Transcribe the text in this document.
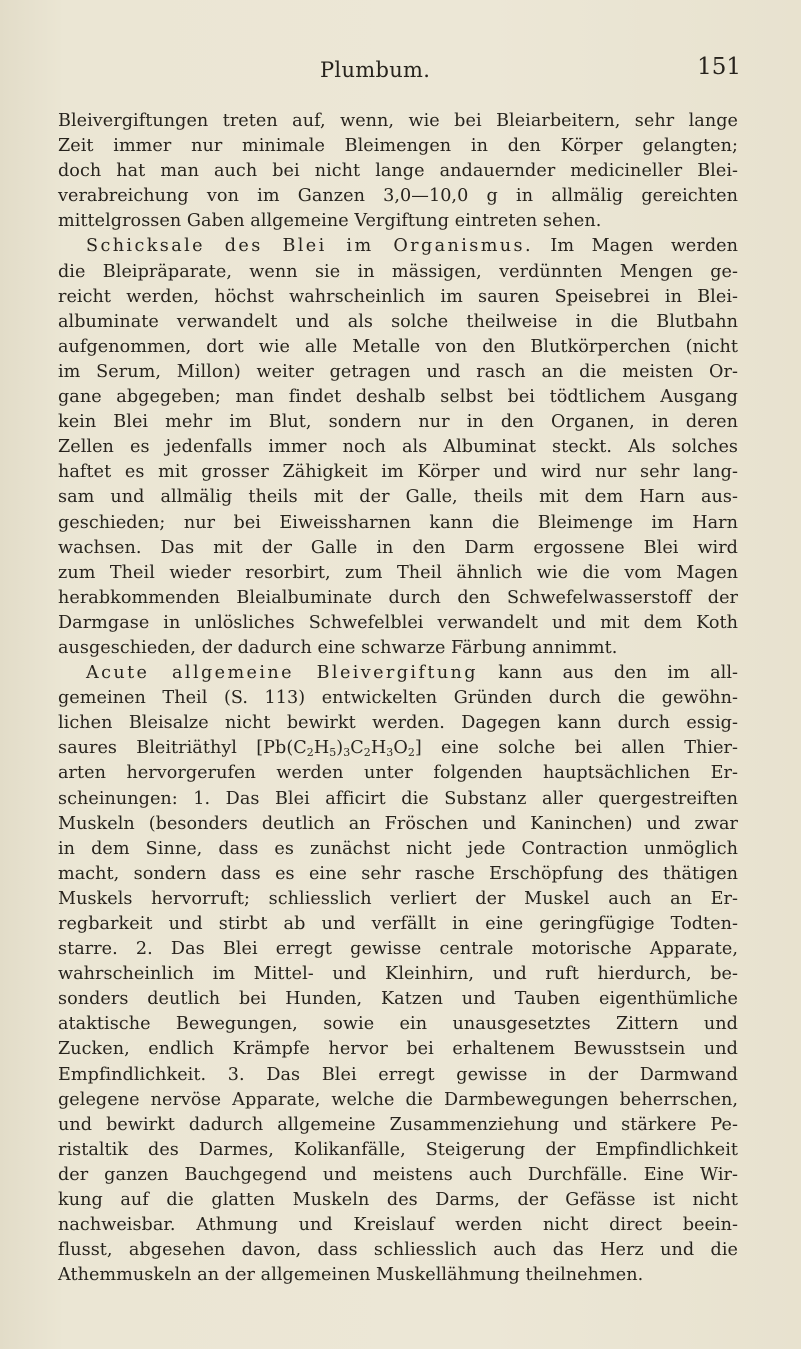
Plumbum.	151
Bleivergiftungen treten auf, wenn, wie bei Bleiarbeitern, sehr lange
Zeit immer nur minimale Bleimengen in den Körper gelangten;
doch hat man auch bei nicht lange andauernder medicineller Blei-
verabreichung von im Ganzen 3,0—10,0 g in allmälig gereichten
mittelgrossen Gaben allgemeine Vergiftung eintreten sehen.
Schicksale des Blei im Organismus. Im Magen werden
die Bleipräparate, wenn sie in mässigen, verdünnten Mengen ge-
reicht werden, höchst wahrscheinlich im sauren Speisebrei in Blei-
albuminate verwandelt und als solche theilweise in die Blutbahn
aufgenommen, dort wie alle Metalle von den Blutkörperchen (nicht
im Serum, Millon) weiter getragen und rasch an die meisten Or-
gane abgegeben; man findet deshalb selbst bei tödtlichem Ausgang
kein Blei mehr im Blut, sondern nur in den Organen, in deren
Zellen es jedenfalls immer noch als Albuminat steckt. Als solches
haftet es mit grosser Zähigkeit im Körper und wird nur sehr lang-
sam und allmälig theils mit der Galle, theils mit dem Harn aus-
geschieden; nur bei Eiweissharnen kann die Bleimenge im Harn
wachsen. Das mit der Galle in den Darm ergossene Blei wird
zum Theil wieder resorbirt, zum Theil ähnlich wie die vom Magen
herabkommenden Bleialbuminate durch den Schwefelwasserstoff der
Darmgase in unlösliches Schwefelblei verwandelt und mit dem Koth
ausgeschieden, der dadurch eine schwarze Färbung annimmt.
Acute allgemeine Bleivergiftung kann aus den im all-
gemeinen Theil (S. 113) entwickelten Gründen durch die gewöhn-
lichen Bleisalze nicht bewirkt werden. Dagegen kann durch essig-
saures Bleitriäthyl $[Pb(C_2H_5)_3C_2H_3O_2]$ eine solche bei allen Thier-
arten hervorgerufen werden unter folgenden hauptsächlichen Er-
scheinungen: 1. Das Blei afficirt die Substanz aller quergestreiften
Muskeln (besonders deutlich an Fröschen und Kaninchen) und zwar
in dem Sinne, dass es zunächst nicht jede Contraction unmöglich
macht, sondern dass es eine sehr rasche Erschöpfung des thätigen
Muskels hervorruft; schliesslich verliert der Muskel auch an Er-
regbarkeit und stirbt ab und verfällt in eine geringfügige Todten-
starre. 2. Das Blei erregt gewisse centrale motorische Apparate,
wahrscheinlich im Mittel- und Kleinhirn, und ruft hierdurch, be-
sonders deutlich bei Hunden, Katzen und Tauben eigenthümliche
ataktische Bewegungen, sowie ein unausgesetztes Zittern und
Zucken, endlich Krämpfe hervor bei erhaltenem Bewusstsein und
Empfindlichkeit. 3. Das Blei erregt gewisse in der Darmwand
gelegene nervöse Apparate, welche die Darmbewegungen beherrschen,
und bewirkt dadurch allgemeine Zusammenziehung und stärkere Pe-
ristaltik des Darmes, Kolikanfälle, Steigerung der Empfindlichkeit
der ganzen Bauchgegend und meistens auch Durchfälle. Eine Wir-
kung auf die glatten Muskeln des Darms, der Gefässe ist nicht
nachweisbar. Athmung und Kreislauf werden nicht direct beein-
flusst, abgesehen davon, dass schliesslich auch das Herz und die
Athemmuskeln an der allgemeinen Muskellähmung theilnehmen.
